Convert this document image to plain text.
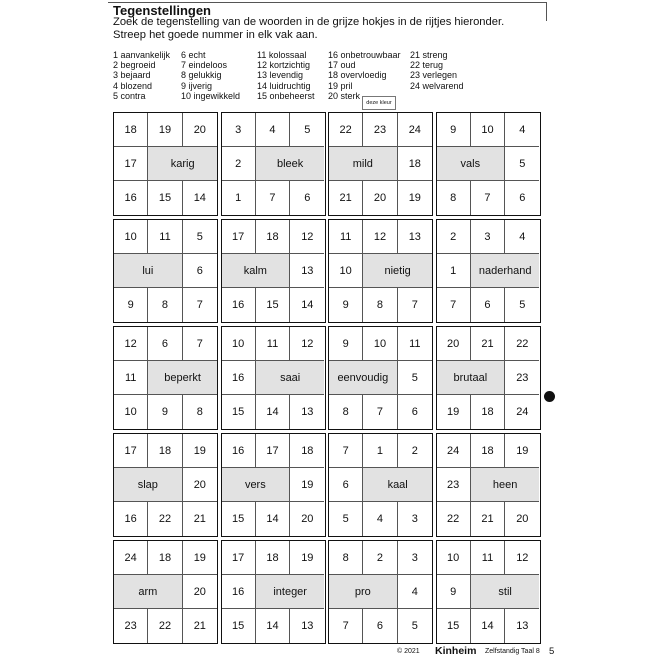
Tegenstellingen
Zoek de tegenstelling van de woorden in de grijze hokjes in de rijtjes hieronder.
Streep het goede nummer in elk vak aan.
1 aanvankelijk
2 begroeid
3 bejaard
4 blozend
5 contra
6 echt
7 eindeloos
8 gelukkig
9 ijverig
10 ingewikkeld
11 kolossaal
12 kortzichtig
13 levendig
14 luidruchtig
15 onbeheerst
16 onbetrouwbaar
17 oud
18 overvloedig
19 pril
20 sterk
21 streng
22 terug
23 verlegen
24 welvarend
deze kleur
18	19	20
17	karig
16	15	14
3	4	5
2	bleek
1	7	6
22	23	24
mild	18
21	20	19
9	10	4
vals	5
8	7	6
10	11	5
lui	6
9	8	7
17	18	12
kalm	13
16	15	14
11	12	13
10	nietig
9	8	7
2	3	4
1	naderhand
7	6	5
12	6	7
11	beperkt
10	9	8
10	11	12
16	saai
15	14	13
9	10	11
eenvoudig	5
8	7	6
20	21	22
brutaal	23
19	18	24
17	18	19
slap	20
16	22	21
16	17	18
vers	19
15	14	20
7	1	2
6	kaal
5	4	3
24	18	19
23	heen
22	21	20
24	18	19
arm	20
23	22	21
17	18	19
16	integer
15	14	13
8	2	3
pro	4
7	6	5
10	11	12
9	stil
15	14	13
© 2021 Kinheim Zelfstandig Taal 8 5
